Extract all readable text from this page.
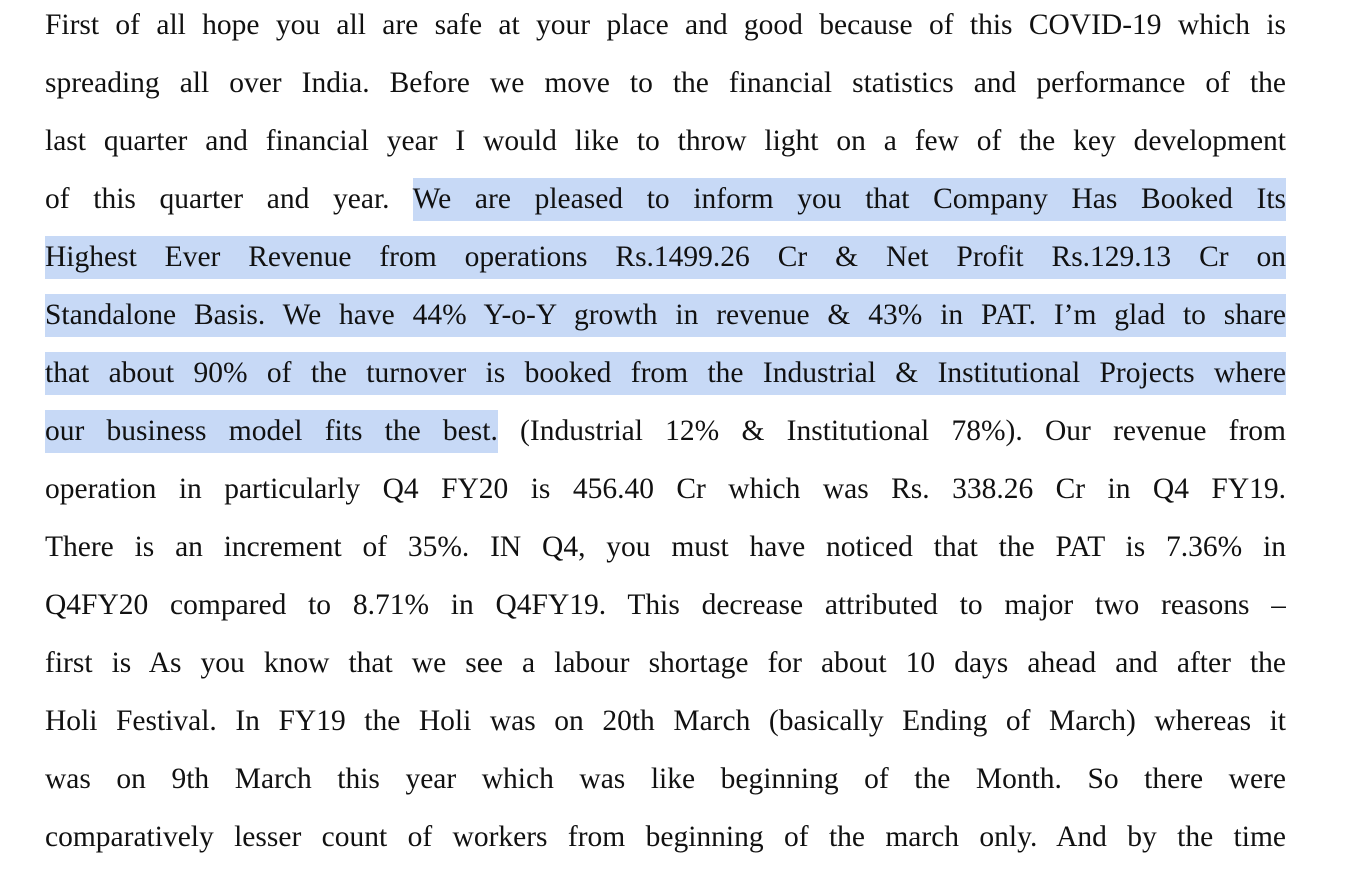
First of all hope you all are safe at your place and good because of this COVID-19 which is
spreading all over India. Before we move to the financial statistics and performance of the
last quarter and financial year I would like to throw light on a few of the key development
of this quarter and year. We are pleased to inform you that Company Has Booked Its
Highest Ever Revenue from operations Rs.1499.26 Cr & Net Profit Rs.129.13 Cr on
Standalone Basis. We have 44% Y-o-Y growth in revenue & 43% in PAT. I’m glad to share
that about 90% of the turnover is booked from the Industrial & Institutional Projects where
our business model fits the best. (Industrial 12% & Institutional 78%). Our revenue from
operation in particularly Q4 FY20 is 456.40 Cr which was Rs. 338.26 Cr in Q4 FY19.
There is an increment of 35%. IN Q4, you must have noticed that the PAT is 7.36% in
Q4FY20 compared to 8.71% in Q4FY19. This decrease attributed to major two reasons –
first is As you know that we see a labour shortage for about 10 days ahead and after the
Holi Festival. In FY19 the Holi was on 20th March (basically Ending of March) whereas it
was on 9th March this year which was like beginning of the Month. So there were
comparatively lesser count of workers from beginning of the march only. And by the time
